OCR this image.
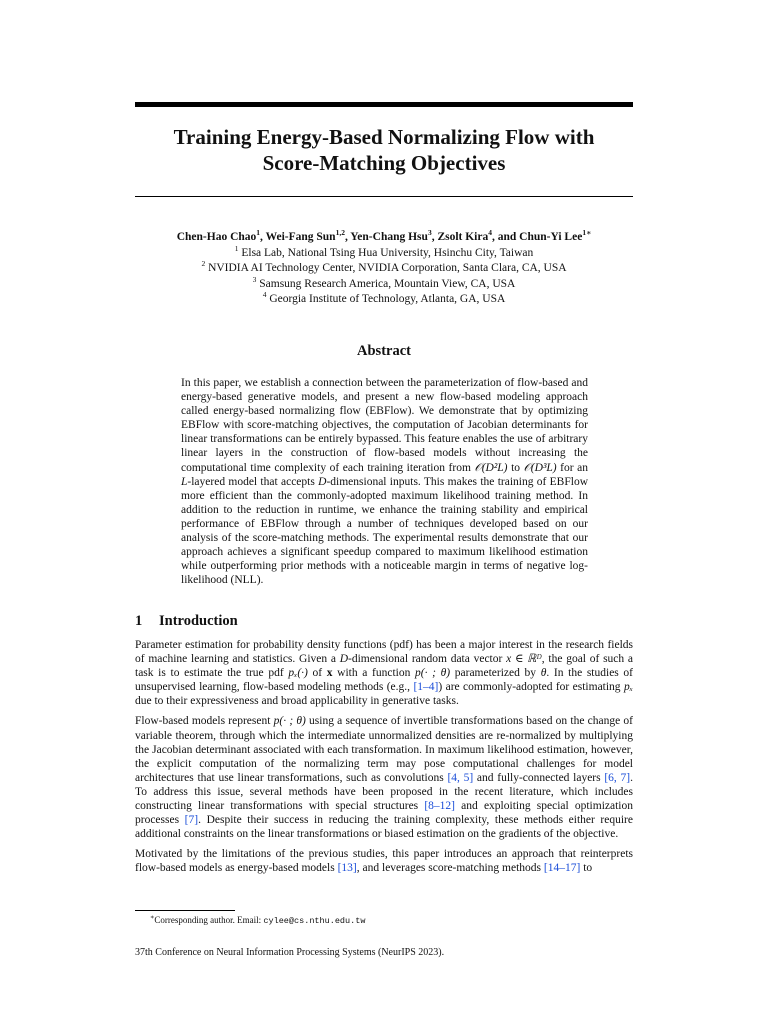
Training Energy-Based Normalizing Flow with
Score-Matching Objectives
Chen-Hao Chao$^1$, Wei-Fang Sun$^{1,2}$, Yen-Chang Hsu$^3$, Zsolt Kira$^4$, and Chun-Yi Lee$^{1∗}$
$^1$ Elsa Lab, National Tsing Hua University, Hsinchu City, Taiwan
$^2$ NVIDIA AI Technology Center, NVIDIA Corporation, Santa Clara, CA, USA
$^3$ Samsung Research America, Mountain View, CA, USA
$^4$ Georgia Institute of Technology, Atlanta, GA, USA
Abstract

In this paper, we establish a connection between the parameterization of flow-based and energy-based generative models, and present a new flow-based modeling approach called energy-based normalizing flow (EBFlow). We demonstrate that by optimizing EBFlow with score-matching objectives, the computation of Jacobian determinants for linear transformations can be entirely bypassed. This feature enables the use of arbitrary linear layers in the construction of flow-based models without increasing the computational time complexity of each training iteration from 𝒪(D²L) to 𝒪(D³L) for an L-layered model that accepts D-dimensional inputs. This makes the training of EBFlow more efficient than the commonly-adopted maximum likelihood training method. In addition to the reduction in runtime, we enhance the training stability and empirical performance of EBFlow through a number of techniques developed based on our analysis of the score-matching methods. The experimental results demonstrate that our approach achieves a significant speedup compared to maximum likelihood estimation while outperforming prior methods with a noticeable margin in terms of negative log-likelihood (NLL).

1 Introduction

Parameter estimation for probability density functions (pdf) has been a major interest in the research fields of machine learning and statistics. Given a D-dimensional random data vector x ∈ ℝᴰ, the goal of such a task is to estimate the true pdf pₓ(·) of x with a function p(· ; θ) parameterized by θ. In the studies of unsupervised learning, flow-based modeling methods (e.g., [1–4]) are commonly-adopted for estimating pₓ due to their expressiveness and broad applicability in generative tasks.

Flow-based models represent p(· ; θ) using a sequence of invertible transformations based on the change of variable theorem, through which the intermediate unnormalized densities are re-normalized by multiplying the Jacobian determinant associated with each transformation. In maximum likelihood estimation, however, the explicit computation of the normalizing term may pose computational challenges for model architectures that use linear transformations, such as convolutions [4, 5] and fully-connected layers [6, 7]. To address this issue, several methods have been proposed in the recent literature, which includes constructing linear transformations with special structures [8–12] and exploiting special optimization processes [7]. Despite their success in reducing the training complexity, these methods either require additional constraints on the linear transformations or biased estimation on the gradients of the objective.

Motivated by the limitations of the previous studies, this paper introduces an approach that reinterprets flow-based models as energy-based models [13], and leverages score-matching methods [14–17] to

∗Corresponding author. Email: cylee@cs.nthu.edu.tw
37th Conference on Neural Information Processing Systems (NeurIPS 2023).
